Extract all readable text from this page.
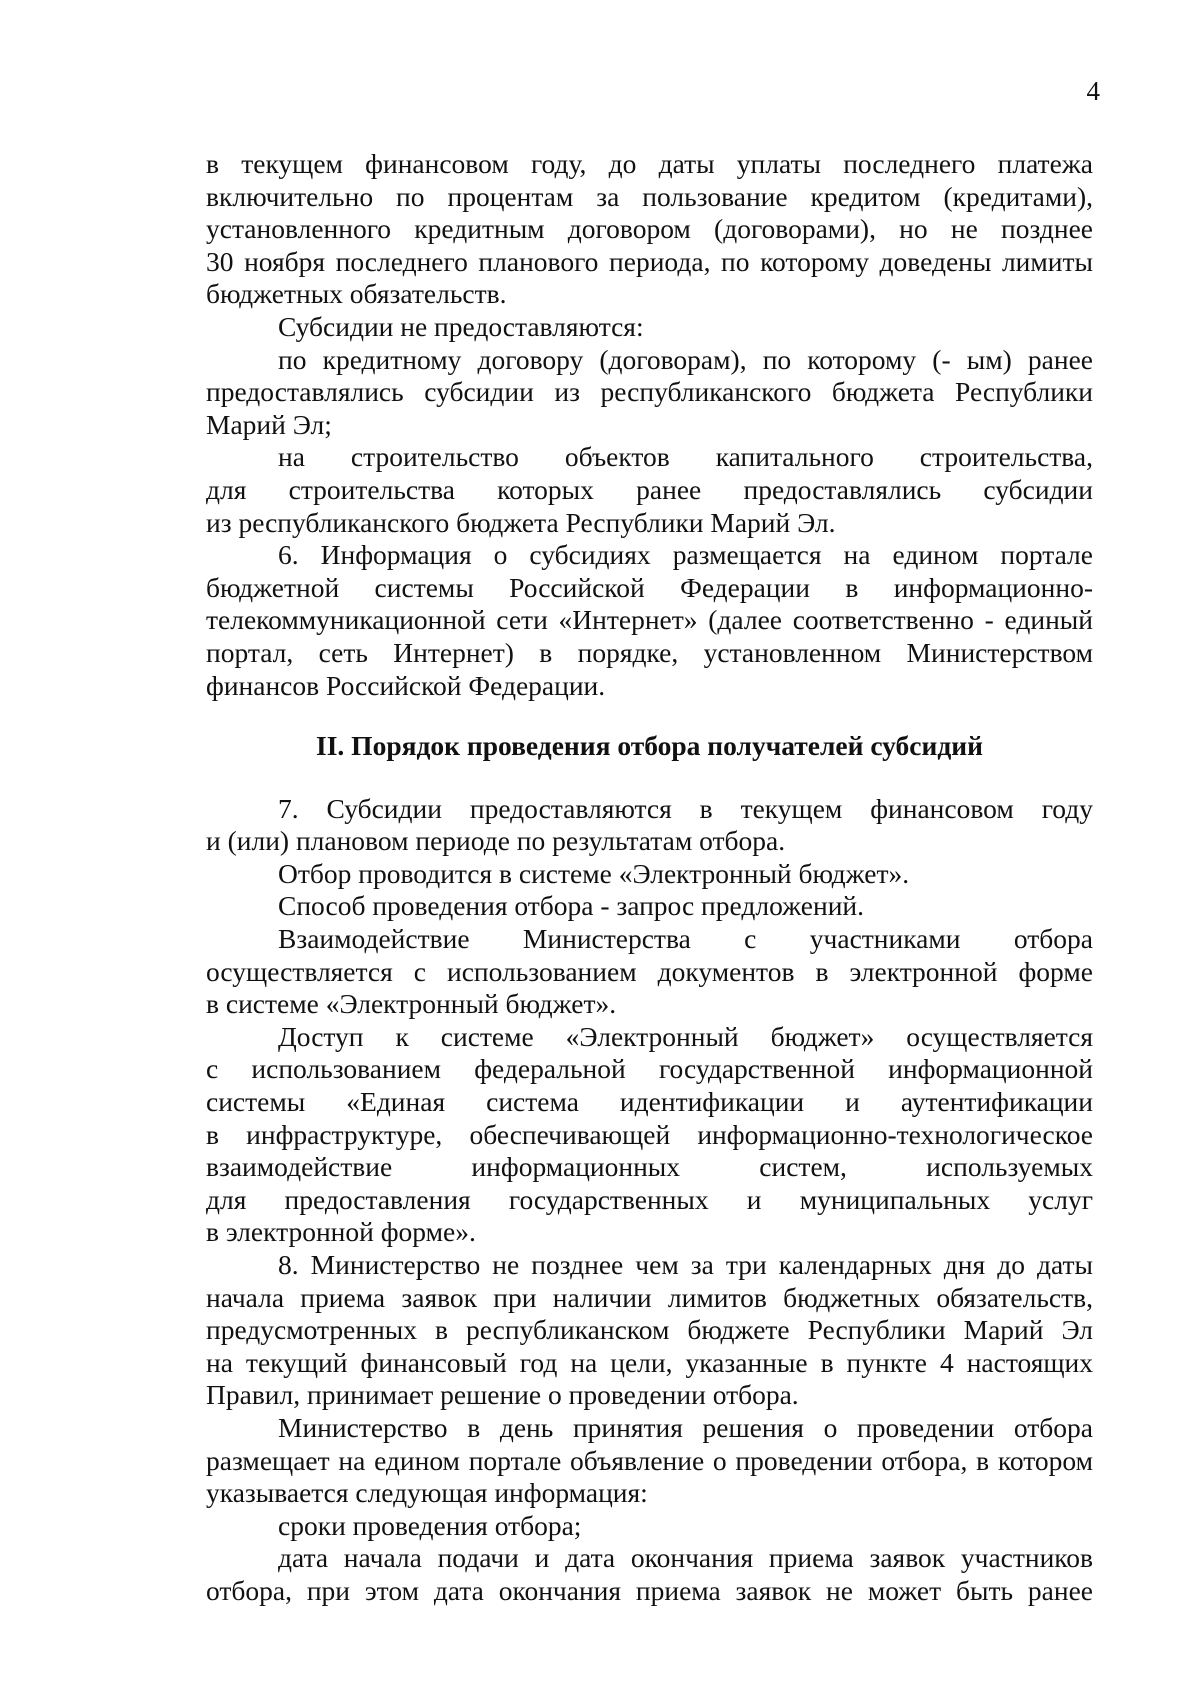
4
в текущем финансовом году, до даты уплаты последнего платежа
включительно по процентам за пользование кредитом (кредитами),
установленного кредитным договором (договорами), но не позднее
30 ноября последнего планового периода, по которому доведены лимиты
бюджетных обязательств.

Субсидии не предоставляются:

по кредитному договору (договорам), по которому (- ым) ранее
предоставлялись субсидии из республиканского бюджета Республики
Марий Эл;
на строительство объектов капитального строительства,
для строительства которых ранее предоставлялись субсидии
из республиканского бюджета Республики Марий Эл.
6. Информация о субсидиях размещается на едином портале
бюджетной системы Российской Федерации в информационно-
телекоммуникационной сети «Интернет» (далее соответственно - единый
портал, сеть Интернет) в порядке, установленном Министерством
финансов Российской Федерации.
II. Порядок проведения отбора получателей субсидий
7. Субсидии предоставляются в текущем финансовом году
и (или) плановом периоде по результатам отбора.

Отбор проводится в системе «Электронный бюджет».

Способ проведения отбора - запрос предложений.

Взаимодействие Министерства с участниками отбора
осуществляется с использованием документов в электронной форме
в системе «Электронный бюджет».
Доступ к системе «Электронный бюджет» осуществляется
с использованием федеральной государственной информационной
системы «Единая система идентификации и аутентификации
в инфраструктуре, обеспечивающей информационно-технологическое
взаимодействие информационных систем, используемых
для предоставления государственных и муниципальных услуг
в электронной форме».
8. Министерство не позднее чем за три календарных дня до даты
начала приема заявок при наличии лимитов бюджетных обязательств,
предусмотренных в республиканском бюджете Республики Марий Эл
на текущий финансовый год на цели, указанные в пункте 4 настоящих
Правил, принимает решение о проведении отбора.
Министерство в день принятия решения о проведении отбора
размещает на едином портале объявление о проведении отбора, в котором
указывается следующая информация:

сроки проведения отбора;

дата начала подачи и дата окончания приема заявок участников
отбора, при этом дата окончания приема заявок не может быть ранее
